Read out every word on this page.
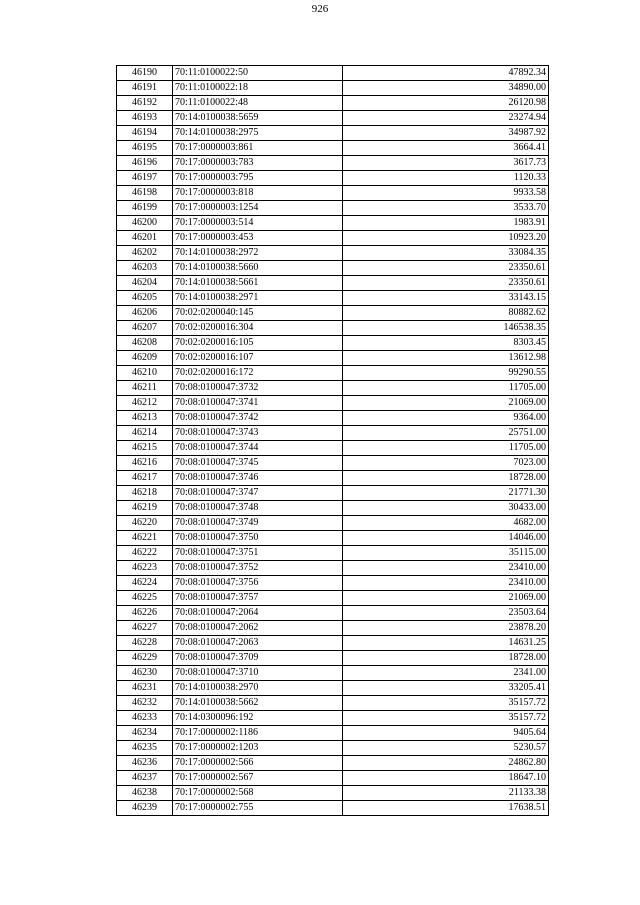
926
46190	70:11:0100022:50	47892.34
46191	70:11:0100022:18	34890.00
46192	70:11:0100022:48	26120.98
46193	70:14:0100038:5659	23274.94
46194	70:14:0100038:2975	34987.92
46195	70:17:0000003:861	3664.41
46196	70:17:0000003:783	3617.73
46197	70:17:0000003:795	1120.33
46198	70:17:0000003:818	9933.58
46199	70:17:0000003:1254	3533.70
46200	70:17:0000003:514	1983.91
46201	70:17:0000003:453	10923.20
46202	70:14:0100038:2972	33084.35
46203	70:14:0100038:5660	23350.61
46204	70:14:0100038:5661	23350.61
46205	70:14:0100038:2971	33143.15
46206	70:02:0200040:145	80882.62
46207	70:02:0200016:304	146538.35
46208	70:02:0200016:105	8303.45
46209	70:02:0200016:107	13612.98
46210	70:02:0200016:172	99290.55
46211	70:08:0100047:3732	11705.00
46212	70:08:0100047:3741	21069.00
46213	70:08:0100047:3742	9364.00
46214	70:08:0100047:3743	25751.00
46215	70:08:0100047:3744	11705.00
46216	70:08:0100047:3745	7023.00
46217	70:08:0100047:3746	18728.00
46218	70:08:0100047:3747	21771.30
46219	70:08:0100047:3748	30433.00
46220	70:08:0100047:3749	4682.00
46221	70:08:0100047:3750	14046.00
46222	70:08:0100047:3751	35115.00
46223	70:08:0100047:3752	23410.00
46224	70:08:0100047:3756	23410.00
46225	70:08:0100047:3757	21069.00
46226	70:08:0100047:2064	23503.64
46227	70:08:0100047:2062	23878.20
46228	70:08:0100047:2063	14631.25
46229	70:08:0100047:3709	18728.00
46230	70:08:0100047:3710	2341.00
46231	70:14:0100038:2970	33205.41
46232	70:14:0100038:5662	35157.72
46233	70:14:0300096:192	35157.72
46234	70:17:0000002:1186	9405.64
46235	70:17:0000002:1203	5230.57
46236	70:17:0000002:566	24862.80
46237	70:17:0000002:567	18647.10
46238	70:17:0000002:568	21133.38
46239	70:17:0000002:755	17638.51
